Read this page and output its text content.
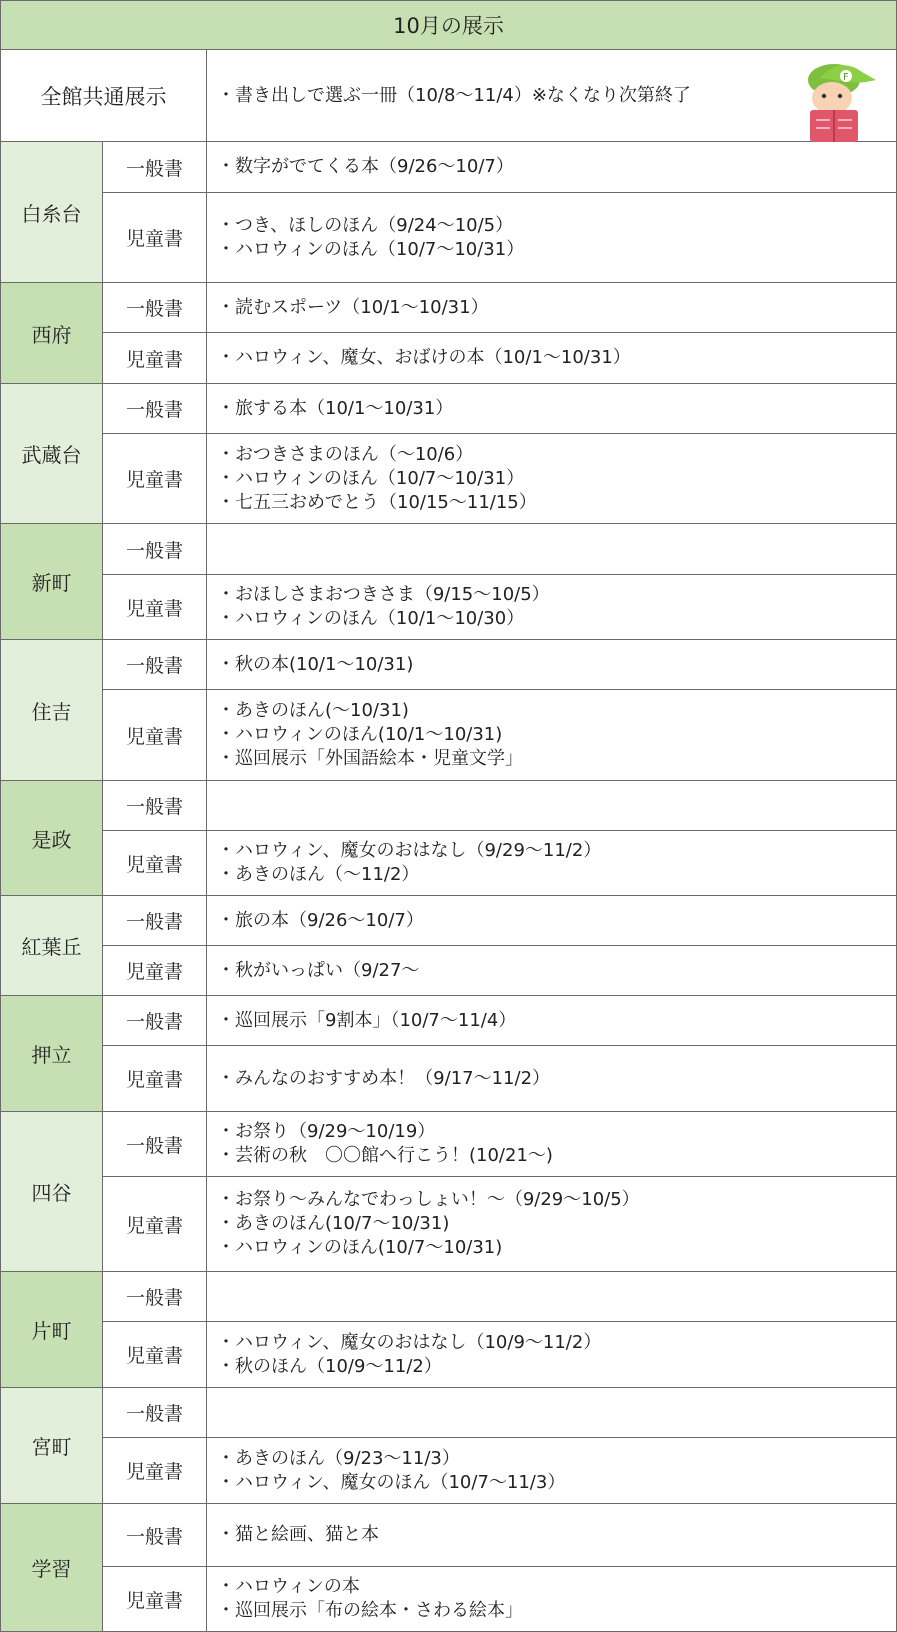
10月の展示
全館共通展示	・書き出しで選ぶ一冊（10/8～11/4）※なくなり次第終了
白糸台
一般書 ・数字がでてくる本（9/26～10/7）
児童書
・つき、ほしのほん（9/24～10/5）
・ハロウィンのほん（10/7～10/31）
西府
一般書 ・読むスポーツ（10/1～10/31）
児童書 ・ハロウィン、魔女、おばけの本（10/1～10/31）
武蔵台
一般書 ・旅する本（10/1～10/31）
児童書
・おつきさまのほん（～10/6）
・ハロウィンのほん（10/7～10/31）
・七五三おめでとう（10/15～11/15）
新町
一般書
児童書
・おほしさまおつきさま（9/15～10/5）
・ハロウィンのほん（10/1～10/30）
住吉
一般書 ・秋の本(10/1～10/31)
児童書
・あきのほん(～10/31)
・ハロウィンのほん(10/1～10/31)
・巡回展示「外国語絵本・児童文学」
是政
一般書
児童書
・ハロウィン、魔女のおはなし（9/29～11/2）
・あきのほん（～11/2）
紅葉丘
一般書 ・旅の本（9/26～10/7）
児童書 ・秋がいっぱい（9/27～
押立
一般書 ・巡回展示「9割本」（10/7～11/4）
児童書 ・みんなのおすすめ本！（9/17～11/2）
四谷
一般書
・お祭り（9/29～10/19）
・芸術の秋　〇〇館へ行こう！(10/21～)
児童書
・お祭り～みんなでわっしょい！～（9/29～10/5）
・あきのほん(10/7～10/31)
・ハロウィンのほん(10/7～10/31)
片町
一般書
児童書
・ハロウィン、魔女のおはなし（10/9～11/2）
・秋のほん（10/9～11/2）
宮町
一般書
児童書
・あきのほん（9/23～11/3）
・ハロウィン、魔女のほん（10/7～11/3）
学習
一般書 ・猫と絵画、猫と本
児童書
・ハロウィンの本
・巡回展示「布の絵本・さわる絵本」
F
